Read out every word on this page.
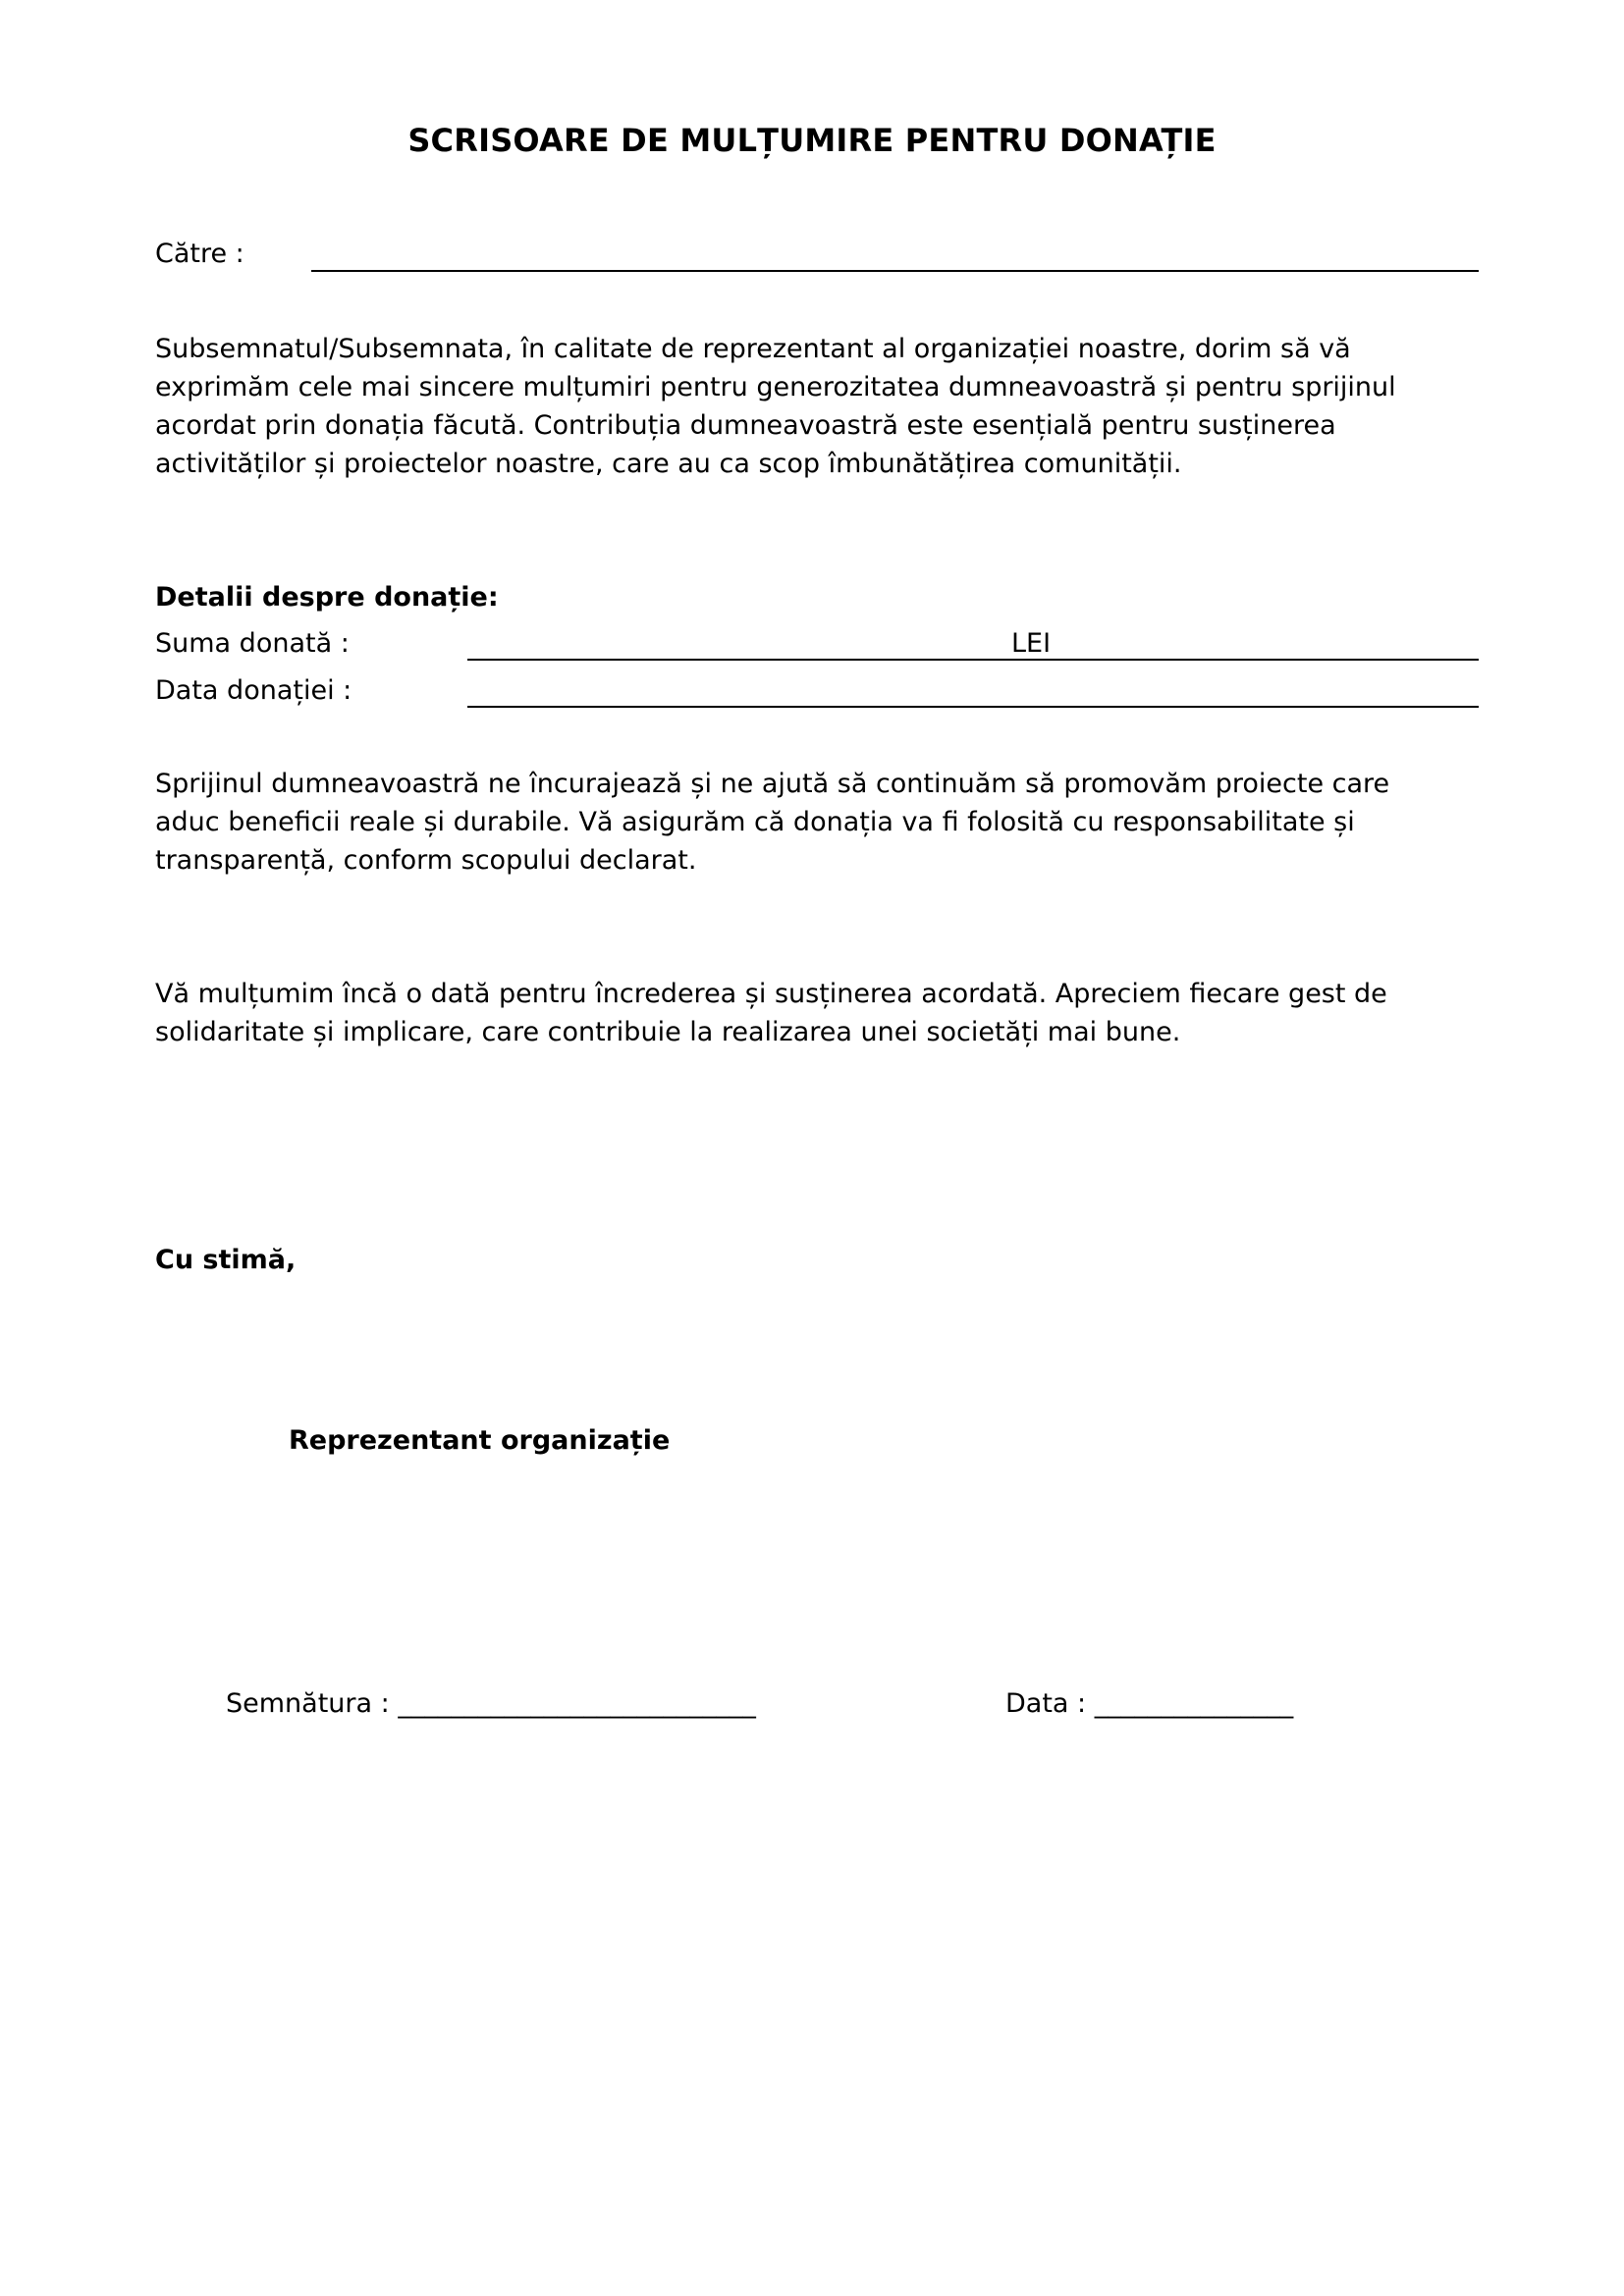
SCRISOARE DE MULȚUMIRE PENTRU DONAȚIE
Către :
Subsemnatul/Subsemnata, în calitate de reprezentant al organizației noastre, dorim să vă
exprimăm cele mai sincere mulțumiri pentru generozitatea dumneavoastră și pentru sprijinul
acordat prin donația făcută. Contribuția dumneavoastră este esențială pentru susținerea
activităților și proiectelor noastre, care au ca scop îmbunătățirea comunității.
Detalii despre donație:
Suma donată :	LEI
Data donației :
Sprijinul dumneavoastră ne încurajează și ne ajută să continuăm să promovăm proiecte care
aduc beneficii reale și durabile. Vă asigurăm că donația va fi folosită cu responsabilitate și
transparență, conform scopului declarat.
Vă mulțumim încă o dată pentru încrederea și susținerea acordată. Apreciem fiecare gest de
solidaritate și implicare, care contribuie la realizarea unei societăți mai bune.
Cu stimă,
Reprezentant organizație
Semnătura : ___________________________	Data : _______________
